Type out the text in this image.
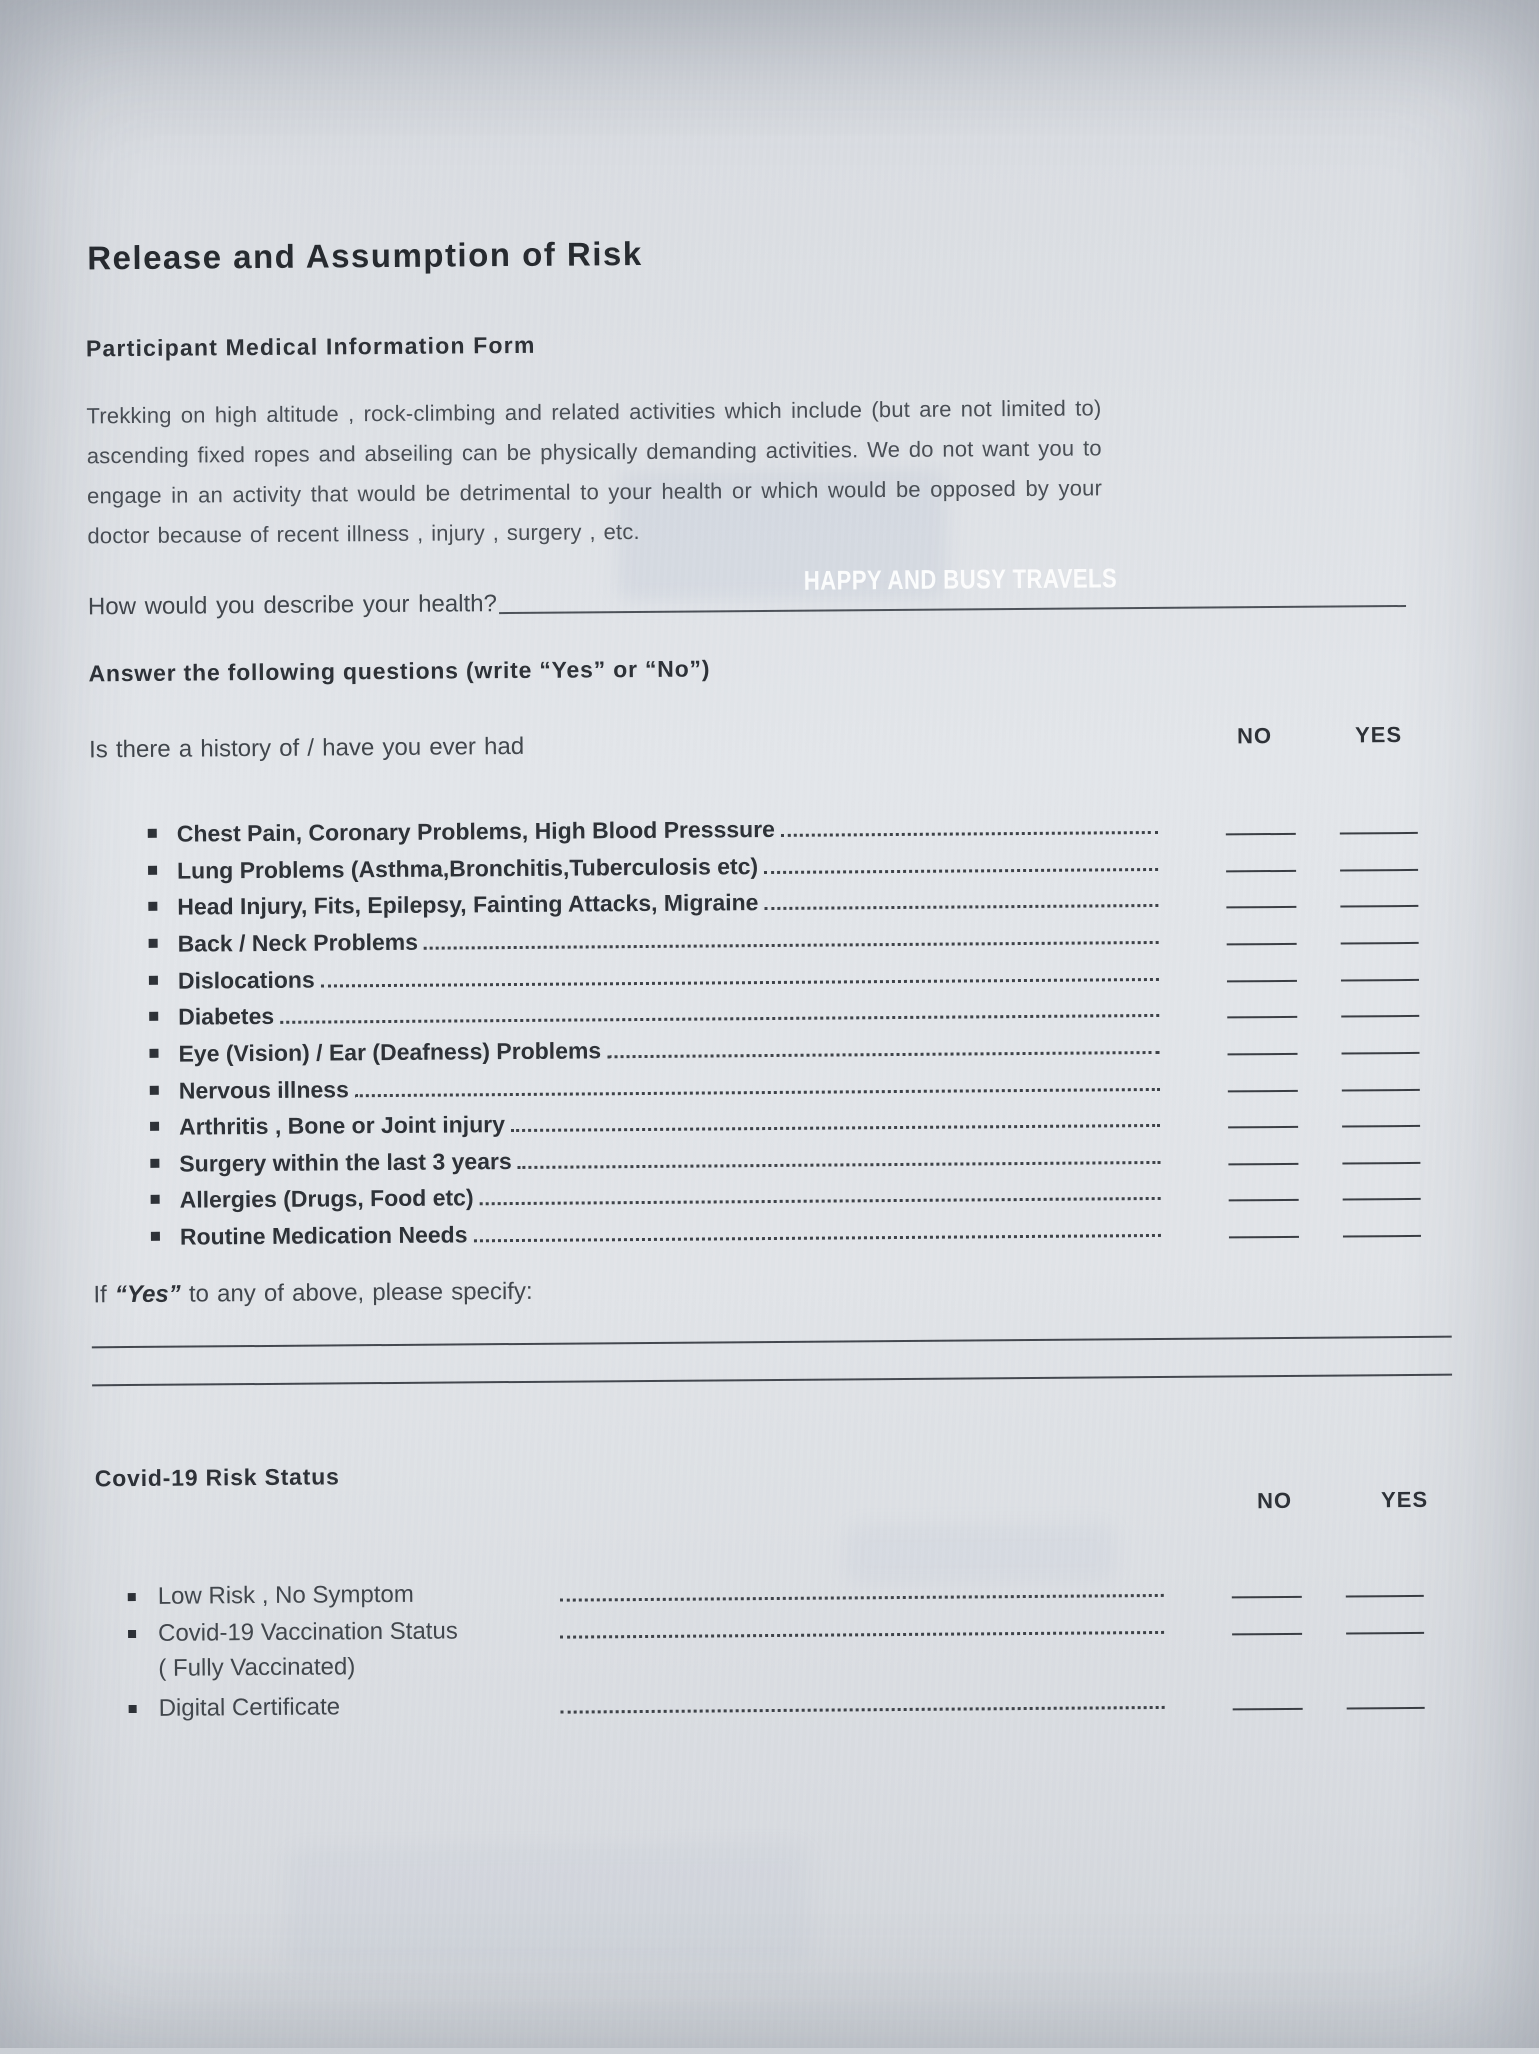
Release and Assumption of Risk
Participant Medical Information Form
Trekking on high altitude , rock-climbing and related activities which include (but are not limited to) ascending fixed ropes and abseiling can be physically demanding activities. We do not want you to engage in an activity that would be detrimental to your health or which would be opposed by your doctor because of recent illness , injury , surgery , etc.
HAPPY AND BUSY TRAVELS
How would you describe your health?
Answer the following questions (write “Yes” or “No”)
Is there a history of / have you ever had	NO	YES
Chest Pain, Coronary Problems, High Blood Presssure
Lung Problems (Asthma,Bronchitis,Tuberculosis etc)
Head Injury, Fits, Epilepsy, Fainting Attacks, Migraine
Back / Neck Problems
Dislocations
Diabetes
Eye (Vision) / Ear (Deafness) Problems
Nervous illness
Arthritis , Bone or Joint injury
Surgery within the last 3 years
Allergies (Drugs, Food etc)
Routine Medication Needs
If “Yes” to any of above, please specify:
Covid-19 Risk Status
NO	YES
Low Risk , No Symptom
Covid-19 Vaccination Status
( Fully Vaccinated)
Digital Certificate
